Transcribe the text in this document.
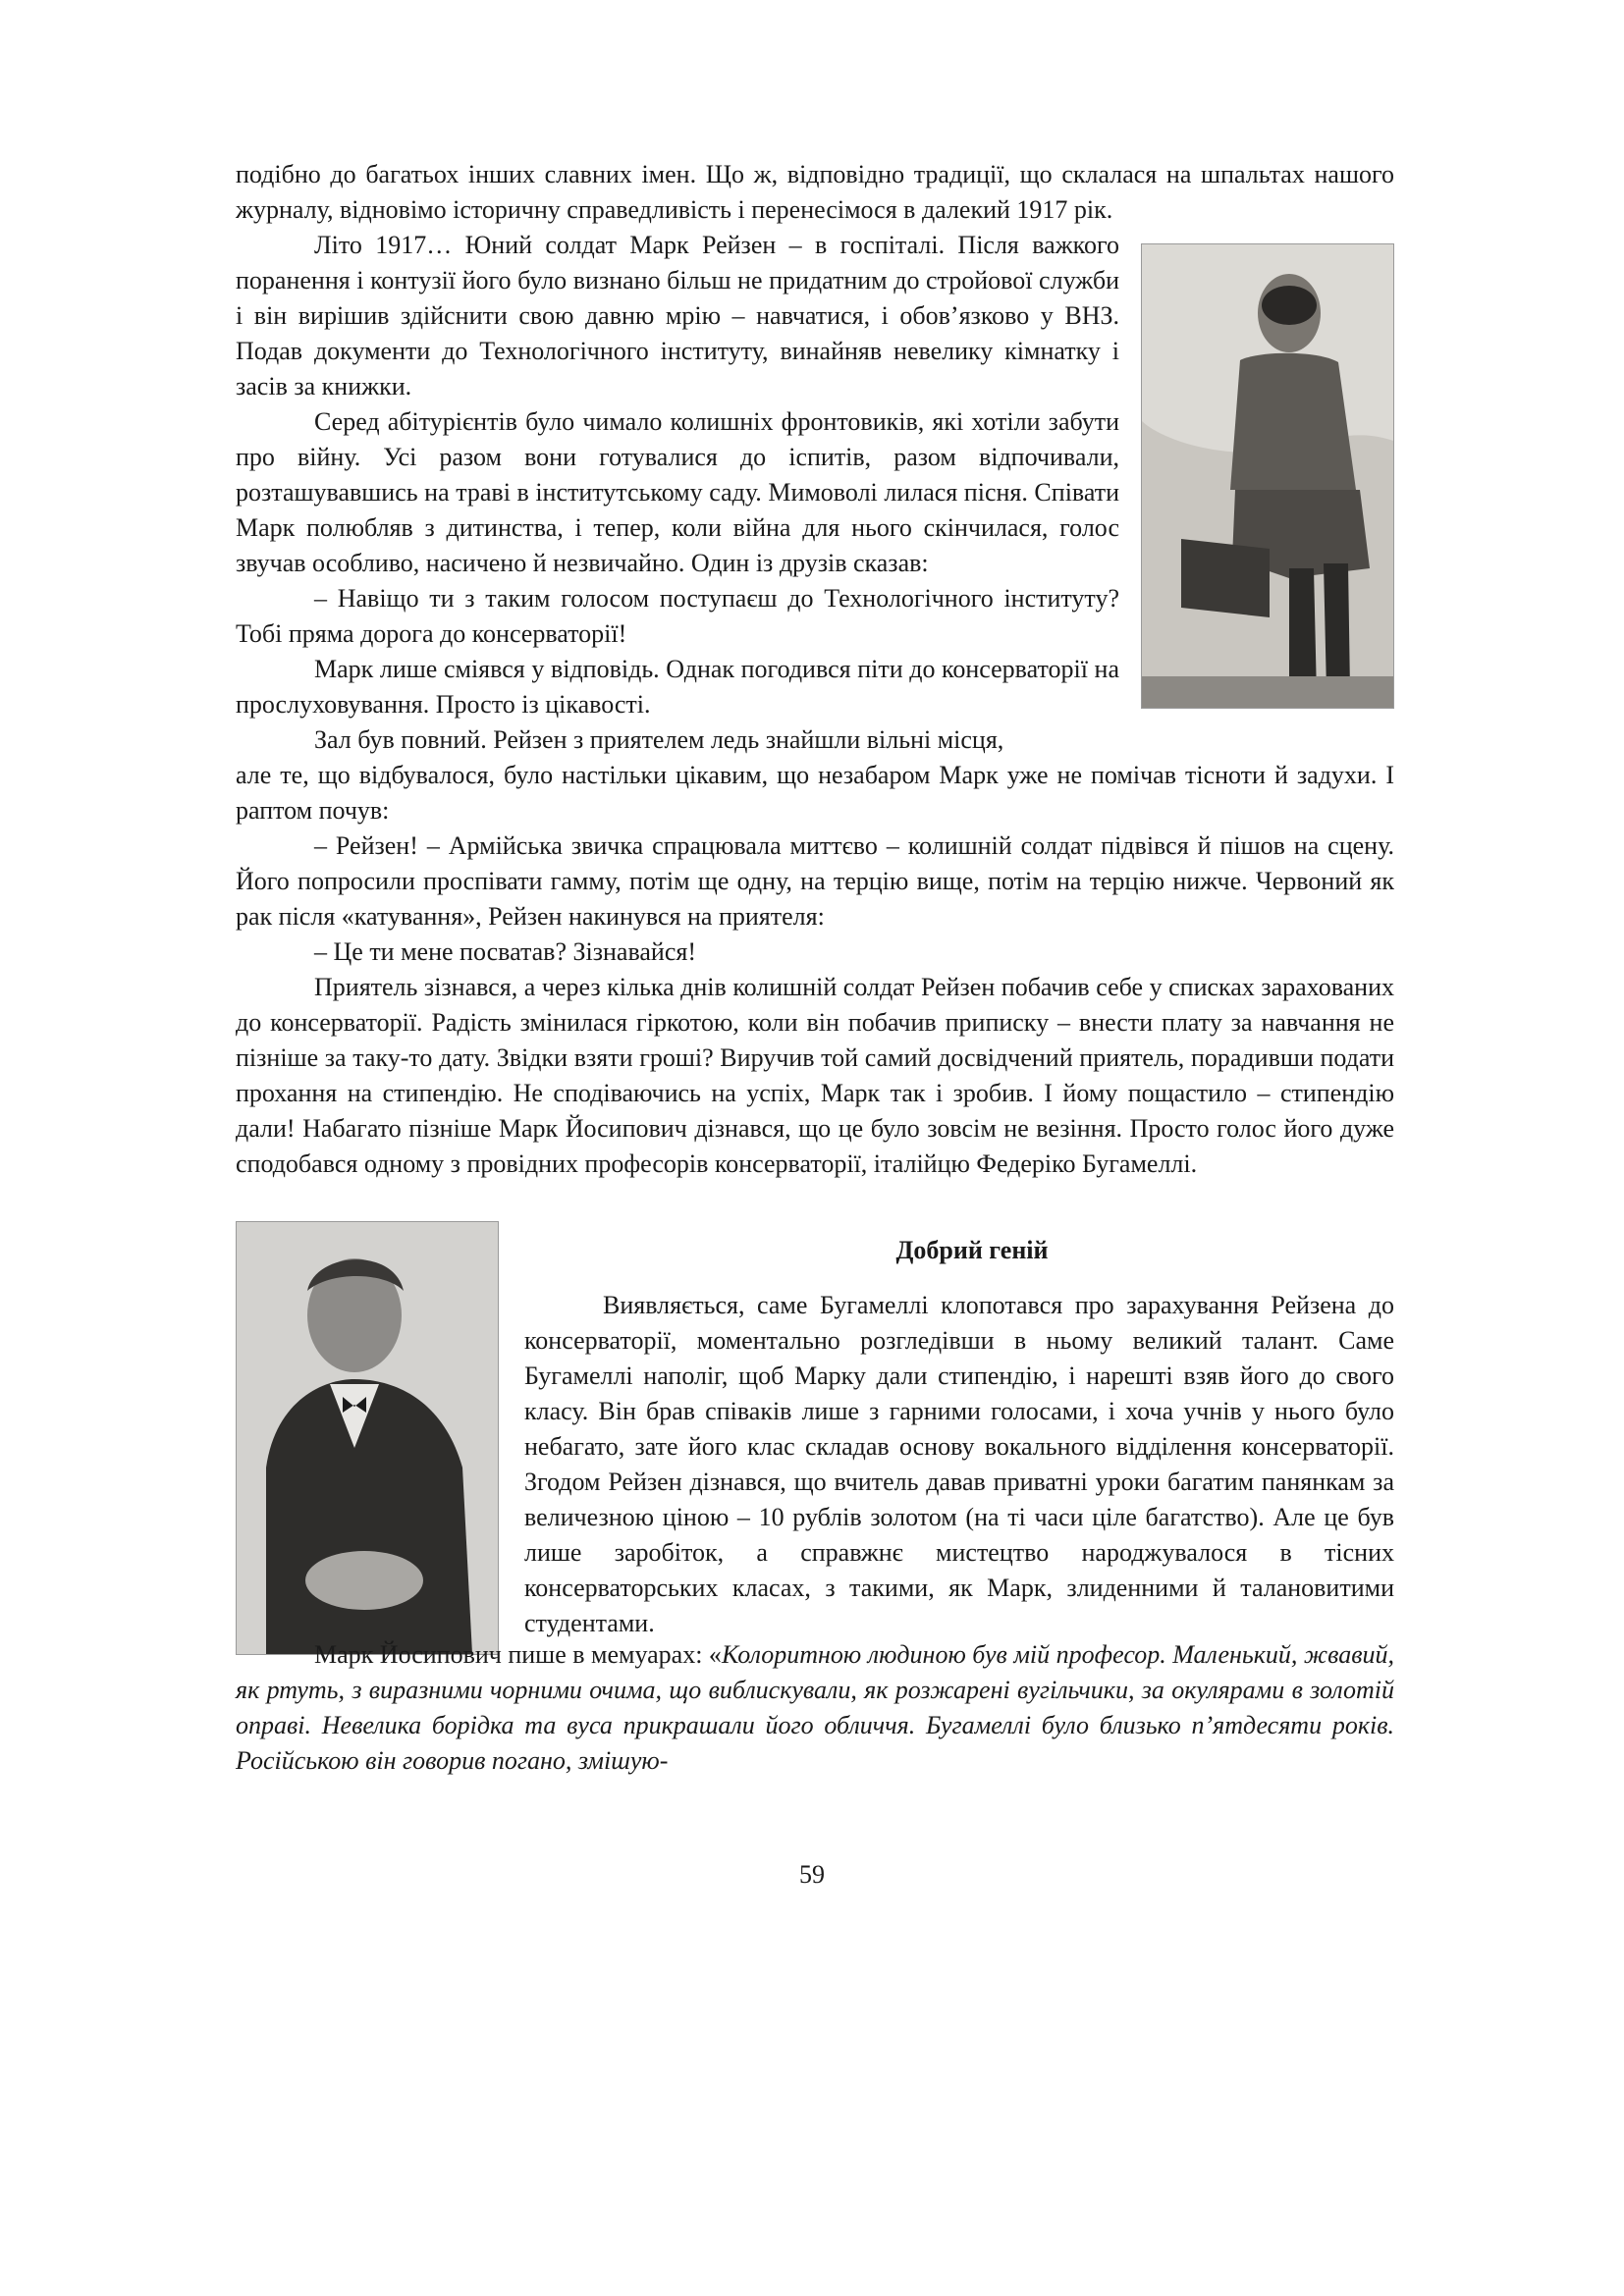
подібно до багатьох інших славних імен. Що ж, відповідно традиції, що склалася на шпальтах нашого журналу, відновімо історичну справедливість і перенесімося в далекий 1917 рік.

Літо 1917… Юний солдат Марк Рейзен – в госпіталі. Після важкого поранення і контузії його було визнано більш не придатним до стройової служби і він вирішив здійснити свою давню мрію – навчатися, і обов’язково у ВНЗ. Подав документи до Технологічного інституту, винайняв невелику кімнатку і засів за книжки.

Серед абітурієнтів було чимало колишніх фронтовиків, які хотіли забути про війну. Усі разом вони готувалися до іспитів, разом відпочивали, розташувавшись на траві в інститутському саду. Мимоволі лилася пісня. Співати Марк полюбляв з дитинства, і тепер, коли війна для нього скінчилася, голос звучав особливо, насичено й незвичайно. Один із друзів сказав:

– Навіщо ти з таким голосом поступаєш до Технологічного інституту? Тобі пряма дорога до консерваторії!

Марк лише сміявся у відповідь. Однак погодився піти до консерваторії на прослуховування. Просто із цікавості.

Зал був повний. Рейзен з приятелем ледь знайшли вільні місця,

але те, що відбувалося, було настільки цікавим, що незабаром Марк уже не помічав тісноти й задухи. І раптом почув:

– Рейзен! – Армійська звичка спрацювала миттєво – колишній солдат підвівся й пішов на сцену. Його попросили проспівати гамму, потім ще одну, на терцію вище, потім на терцію нижче. Червоний як рак після «катування», Рейзен накинувся на приятеля:

– Це ти мене посватав? Зізнавайся!

Приятель зізнався, а через кілька днів колишній солдат Рейзен побачив себе у списках зарахованих до консерваторії. Радість змінилася гіркотою, коли він побачив приписку – внести плату за навчання не пізніше за таку-то дату. Звідки взяти гроші? Виручив той самий досвідчений приятель, порадивши подати прохання на стипендію. Не сподіваючись на успіх, Марк так і зробив. І йому пощастило – стипендію дали! Набагато пізніше Марк Йосипович дізнався, що це було зовсім не везіння. Просто голос його дуже сподобався одному з провідних професорів консерваторії, італійцю Федеріко Бугамеллі.

Добрий геній

Виявляється, саме Бугамеллі клопотався про зарахування Рейзена до консерваторії, моментально розгледівши в ньому великий талант. Саме Бугамеллі наполіг, щоб Марку дали стипендію, і нарешті взяв його до свого класу. Він брав співаків лише з гарними голосами, і хоча учнів у нього було небагато, зате його клас складав основу вокального відділення консерваторії. Згодом Рейзен дізнався, що вчитель давав приватні уроки багатим панянкам за величезною ціною – 10 рублів золотом (на ті часи ціле багатство). Але це був лише заробіток, а справжнє мистецтво народжувалося в тісних консерваторських класах, з такими, як Марк, злиденними й талановитими студентами.

Марк Йосипович пише в мемуарах: «Колоритною людиною був мій професор. Маленький, жвавий, як ртуть, з виразними чорними очима, що виблискували, як розжарені вугільчики, за окулярами в золотій оправі. Невелика борідка та вуса прикрашали його обличчя. Бугамеллі було близько п’ятдесяти років. Російською він говорив погано, змішую-

59
